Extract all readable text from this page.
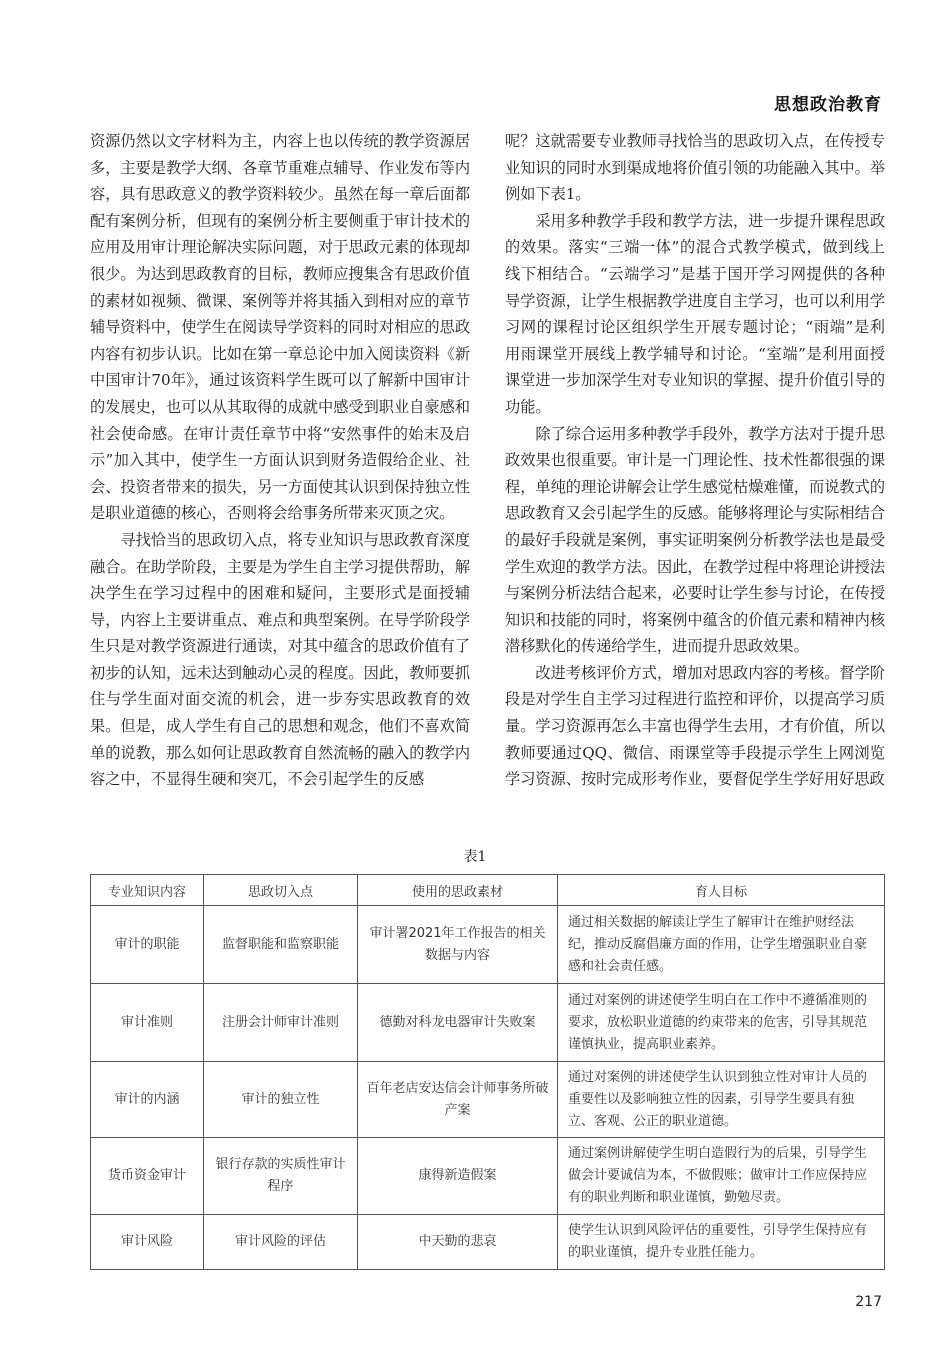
思想政治教育

资源仍然以文字材料为主，内容上也以传统的教学资源居多，主要是教学大纲、各章节重难点辅导、作业发布等内容，具有思政意义的教学资料较少。虽然在每一章后面都配有案例分析，但现有的案例分析主要侧重于审计技术的应用及用审计理论解决实际问题，对于思政元素的体现却很少。为达到思政教育的目标，教师应搜集含有思政价值的素材如视频、微课、案例等并将其插入到相对应的章节辅导资料中，使学生在阅读导学资料的同时对相应的思政内容有初步认识。比如在第一章总论中加入阅读资料《新中国审计70年》，通过该资料学生既可以了解新中国审计的发展史，也可以从其取得的成就中感受到职业自豪感和社会使命感。在审计责任章节中将“安然事件的始末及启示”加入其中，使学生一方面认识到财务造假给企业、社会、投资者带来的损失，另一方面使其认识到保持独立性是职业道德的核心，否则将会给事务所带来灭顶之灾。

寻找恰当的思政切入点，将专业知识与思政教育深度融合。在助学阶段，主要是为学生自主学习提供帮助，解决学生在学习过程中的困难和疑问，主要形式是面授辅导，内容上主要讲重点、难点和典型案例。在导学阶段学生只是对教学资源进行通读，对其中蕴含的思政价值有了初步的认知，远未达到触动心灵的程度。因此，教师要抓住与学生面对面交流的机会，进一步夯实思政教育的效果。但是，成人学生有自己的思想和观念，他们不喜欢简单的说教，那么如何让思政教育自然流畅的融入的教学内容之中，不显得生硬和突兀，不会引起学生的反感

呢？这就需要专业教师寻找恰当的思政切入点，在传授专业知识的同时水到渠成地将价值引领的功能融入其中。举例如下表1。

采用多种教学手段和教学方法，进一步提升课程思政的效果。落实“三端一体”的混合式教学模式，做到线上线下相结合。“云端学习”是基于国开学习网提供的各种导学资源，让学生根据教学进度自主学习，也可以利用学习网的课程讨论区组织学生开展专题讨论；“雨端”是利用雨课堂开展线上教学辅导和讨论。“室端”是利用面授课堂进一步加深学生对专业知识的掌握、提升价值引导的功能。

除了综合运用多种教学手段外，教学方法对于提升思政效果也很重要。审计是一门理论性、技术性都很强的课程，单纯的理论讲解会让学生感觉枯燥难懂，而说教式的思政教育又会引起学生的反感。能够将理论与实际相结合的最好手段就是案例，事实证明案例分析教学法也是最受学生欢迎的教学方法。因此，在教学过程中将理论讲授法与案例分析法结合起来，必要时让学生参与讨论，在传授知识和技能的同时，将案例中蕴含的价值元素和精神内核潜移默化的传递给学生，进而提升思政效果。

改进考核评价方式，增加对思政内容的考核。督学阶段是对学生自主学习过程进行监控和评价，以提高学习质量。学习资源再怎么丰富也得学生去用，才有价值，所以教师要通过QQ、微信、雨课堂等手段提示学生上网浏览学习资源、按时完成形考作业，要督促学生学好用好思政

表1
专业知识内容	思政切入点	使用的思政素材	育人目标
审计的职能	监督职能和监察职能	审计署2021年工作报告的相关数据与内容	通过相关数据的解读让学生了解审计在维护财经法纪，推动反腐倡廉方面的作用，让学生增强职业自豪感和社会责任感。
审计准则	注册会计师审计准则	德勤对科龙电器审计失败案	通过对案例的讲述使学生明白在工作中不遵循准则的要求，放松职业道德的约束带来的危害，引导其规范谨慎执业，提高职业素养。
审计的内涵	审计的独立性	百年老店安达信会计师事务所破产案	通过对案例的讲述使学生认识到独立性对审计人员的重要性以及影响独立性的因素，引导学生要具有独立、客观、公正的职业道德。
货币资金审计	银行存款的实质性审计程序	康得新造假案	通过案例讲解使学生明白造假行为的后果，引导学生做会计要诚信为本，不做假账；做审计工作应保持应有的职业判断和职业谨慎，勤勉尽责。
审计风险	审计风险的评估	中天勤的悲哀	使学生认识到风险评估的重要性，引导学生保持应有的职业谨慎，提升专业胜任能力。
217
